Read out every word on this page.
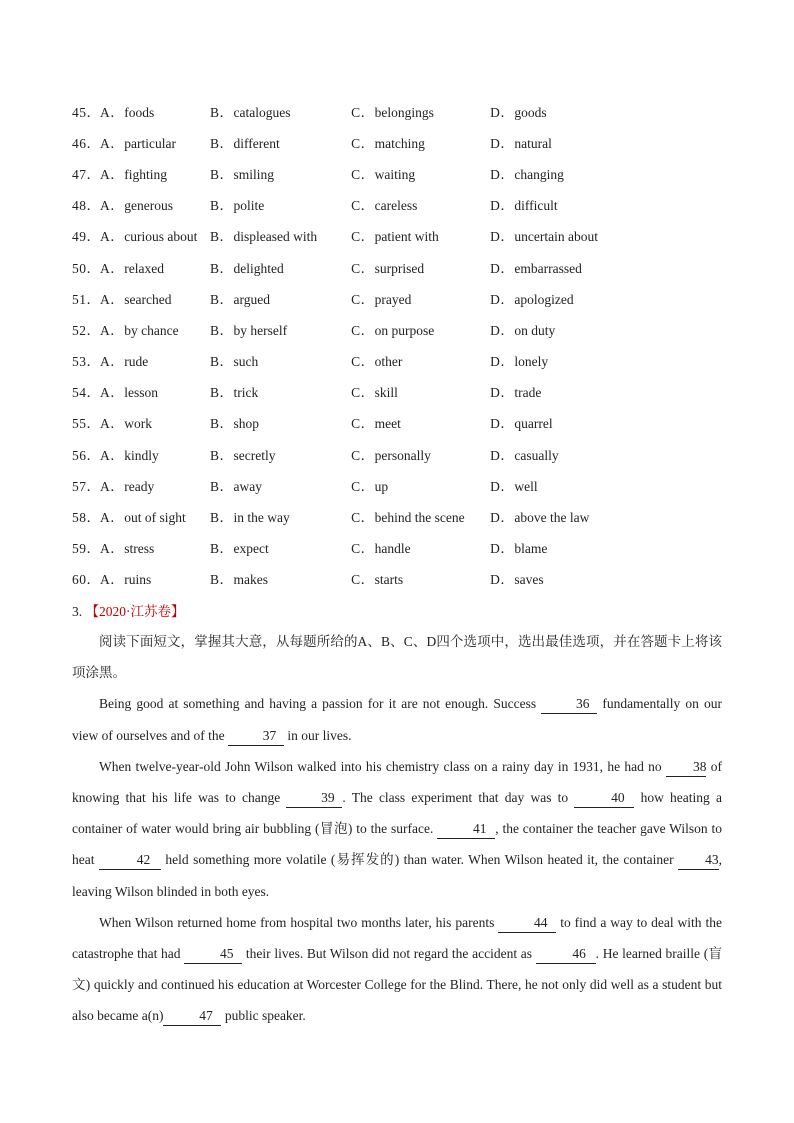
45．A．foods	B．catalogues	C．belongings	D．goods
46．A．particular	B．different	C．matching	D．natural
47．A．fighting	B．smiling	C．waiting	D．changing
48．A．generous	B．polite	C．careless	D．difficult
49．A．curious about	B．displeased with	C．patient with	D．uncertain about
50．A．relaxed	B．delighted	C．surprised	D．embarrassed
51．A．searched	B．argued	C．prayed	D．apologized
52．A．by chance	B．by herself	C．on purpose	D．on duty
53．A．rude	B．such	C．other	D．lonely
54．A．lesson	B．trick	C．skill	D．trade
55．A．work	B．shop	C．meet	D．quarrel
56．A．kindly	B．secretly	C．personally	D．casually
57．A．ready	B．away	C．up	D．well
58．A．out of sight	B．in the way	C．behind the scene	D．above the law
59．A．stress	B．expect	C．handle	D．blame
60．A．ruins	B．makes	C．starts	D．saves
3. 【2020·江苏卷】

阅读下面短文，掌握其大意，从每题所给的A、B、C、D四个选项中，选出最佳选项，并在答题卡上将该项涂黑。

Being good at something and having a passion for it are not enough. Success	36 fundamentally on our view of ourselves and of the	37 in our lives.

When twelve-year-old John Wilson walked into his chemistry class on a rainy day in 1931, he had no 38 of knowing that his life was to change	39 . The class experiment that day was to	40 how heating a container of water would bring air bubbling (冒泡) to the surface.	41 , the container the teacher gave Wilson to heat	42 held something more volatile (易挥发的) than water. When Wilson heated it, the container 43, leaving Wilson blinded in both eyes.

When Wilson returned home from hospital two months later, his parents	44 to find a way to deal with the catastrophe that had	45 their lives. But Wilson did not regard the accident as	46 . He learned braille (盲文) quickly and continued his education at Worcester College for the Blind. There, he not only did well as a student but also became a(n)	47 public speaker.
